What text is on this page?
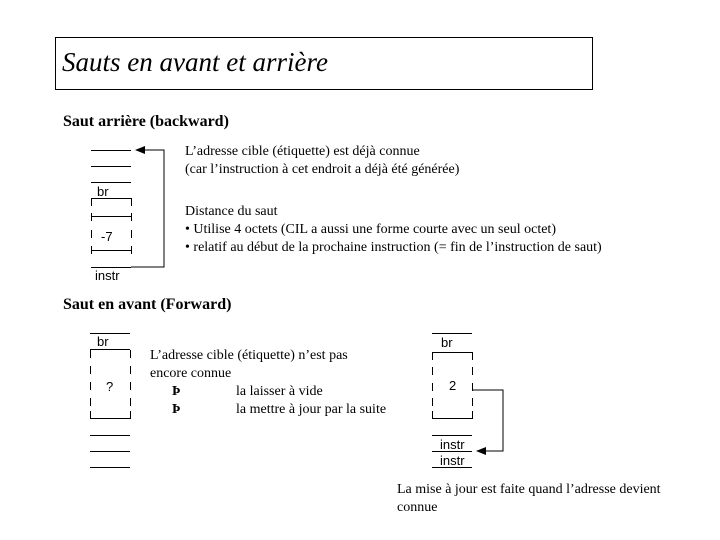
Sauts en avant et arrière
Saut arrière (backward)
br
-7
instr
L’adresse cible (étiquette) est déjà connue
(car l’instruction à cet endroit a déjà été générée)
Distance du saut
• Utilise 4 octets (CIL a aussi une forme courte avec un seul octet)
• relatif au début de la prochaine instruction (= fin de l’instruction de saut)
Saut en avant (Forward)
br
?
L’adresse cible (étiquette) n’est pas
encore connue
Þ	la laisser à vide
Þ	la mettre à jour par la suite
br
2
instr
instr
La mise à jour est faite quand l’adresse devient
connue
